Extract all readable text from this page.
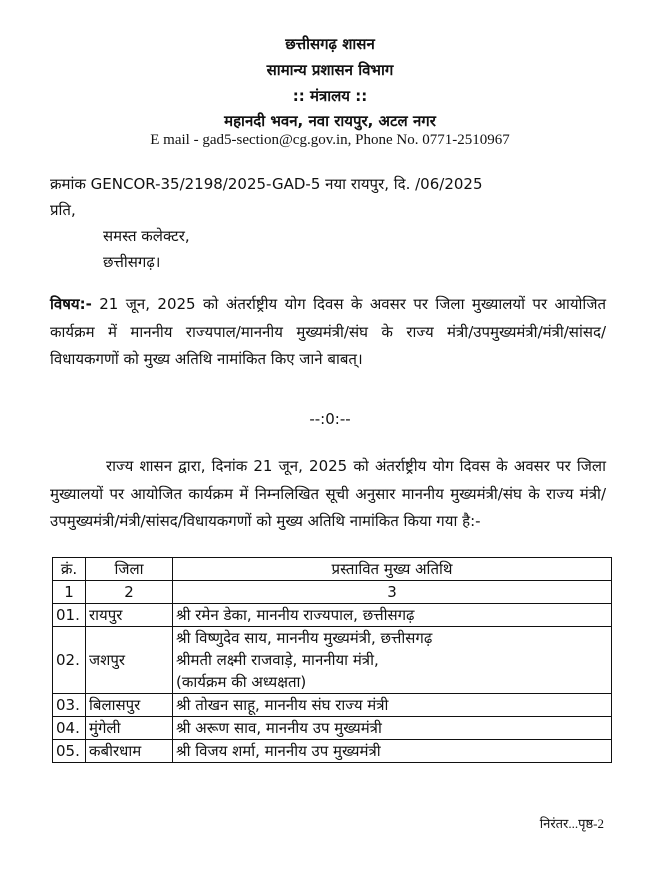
छत्तीसगढ़ शासन
सामान्य प्रशासन विभाग
:: मंत्रालय ::
महानदी भवन, नवा रायपुर, अटल नगर
E mail - gad5-section@cg.gov.in, Phone No. 0771-2510967
क्रमांक GENCOR-35/2198/2025-GAD-5 नया रायपुर, दि. /06/2025
प्रति,
समस्त कलेक्टर,
छत्तीसगढ़।
विषय:- 21 जून, 2025 को अंतर्राष्ट्रीय योग दिवस के अवसर पर जिला मुख्यालयों पर आयोजित कार्यक्रम में माननीय राज्यपाल/माननीय मुख्यमंत्री/संघ के राज्य मंत्री/उपमुख्यमंत्री/मंत्री/सांसद/विधायकगणों को मुख्य अतिथि नामांकित किए जाने बाबत्।
--:0:--
राज्य शासन द्वारा, दिनांक 21 जून, 2025 को अंतर्राष्ट्रीय योग दिवस के अवसर पर जिला मुख्यालयों पर आयोजित कार्यक्रम में निम्नलिखित सूची अनुसार माननीय मुख्यमंत्री/संघ के राज्य मंत्री/उपमुख्यमंत्री/मंत्री/सांसद/विधायकगणों को मुख्य अतिथि नामांकित किया गया है:-
क्रं.	जिला	प्रस्तावित मुख्य अतिथि
1	2	3
01.	रायपुर	श्री रमेन डेका, माननीय राज्यपाल, छत्तीसगढ़

02.	जशपुर	श्री विष्णुदेव साय, माननीय मुख्यमंत्री, छत्तीसगढ़
श्रीमती लक्ष्मी राजवाड़े, माननीया मंत्री,
(कार्यक्रम की अध्यक्षता)

03.	बिलासपुर	श्री तोखन साहू, माननीय संघ राज्य मंत्री

04.	मुंगेली	श्री अरूण साव, माननीय उप मुख्यमंत्री

05.	कबीरधाम	श्री विजय शर्मा, माननीय उप मुख्यमंत्री
निरंतर...पृष्ठ-2
